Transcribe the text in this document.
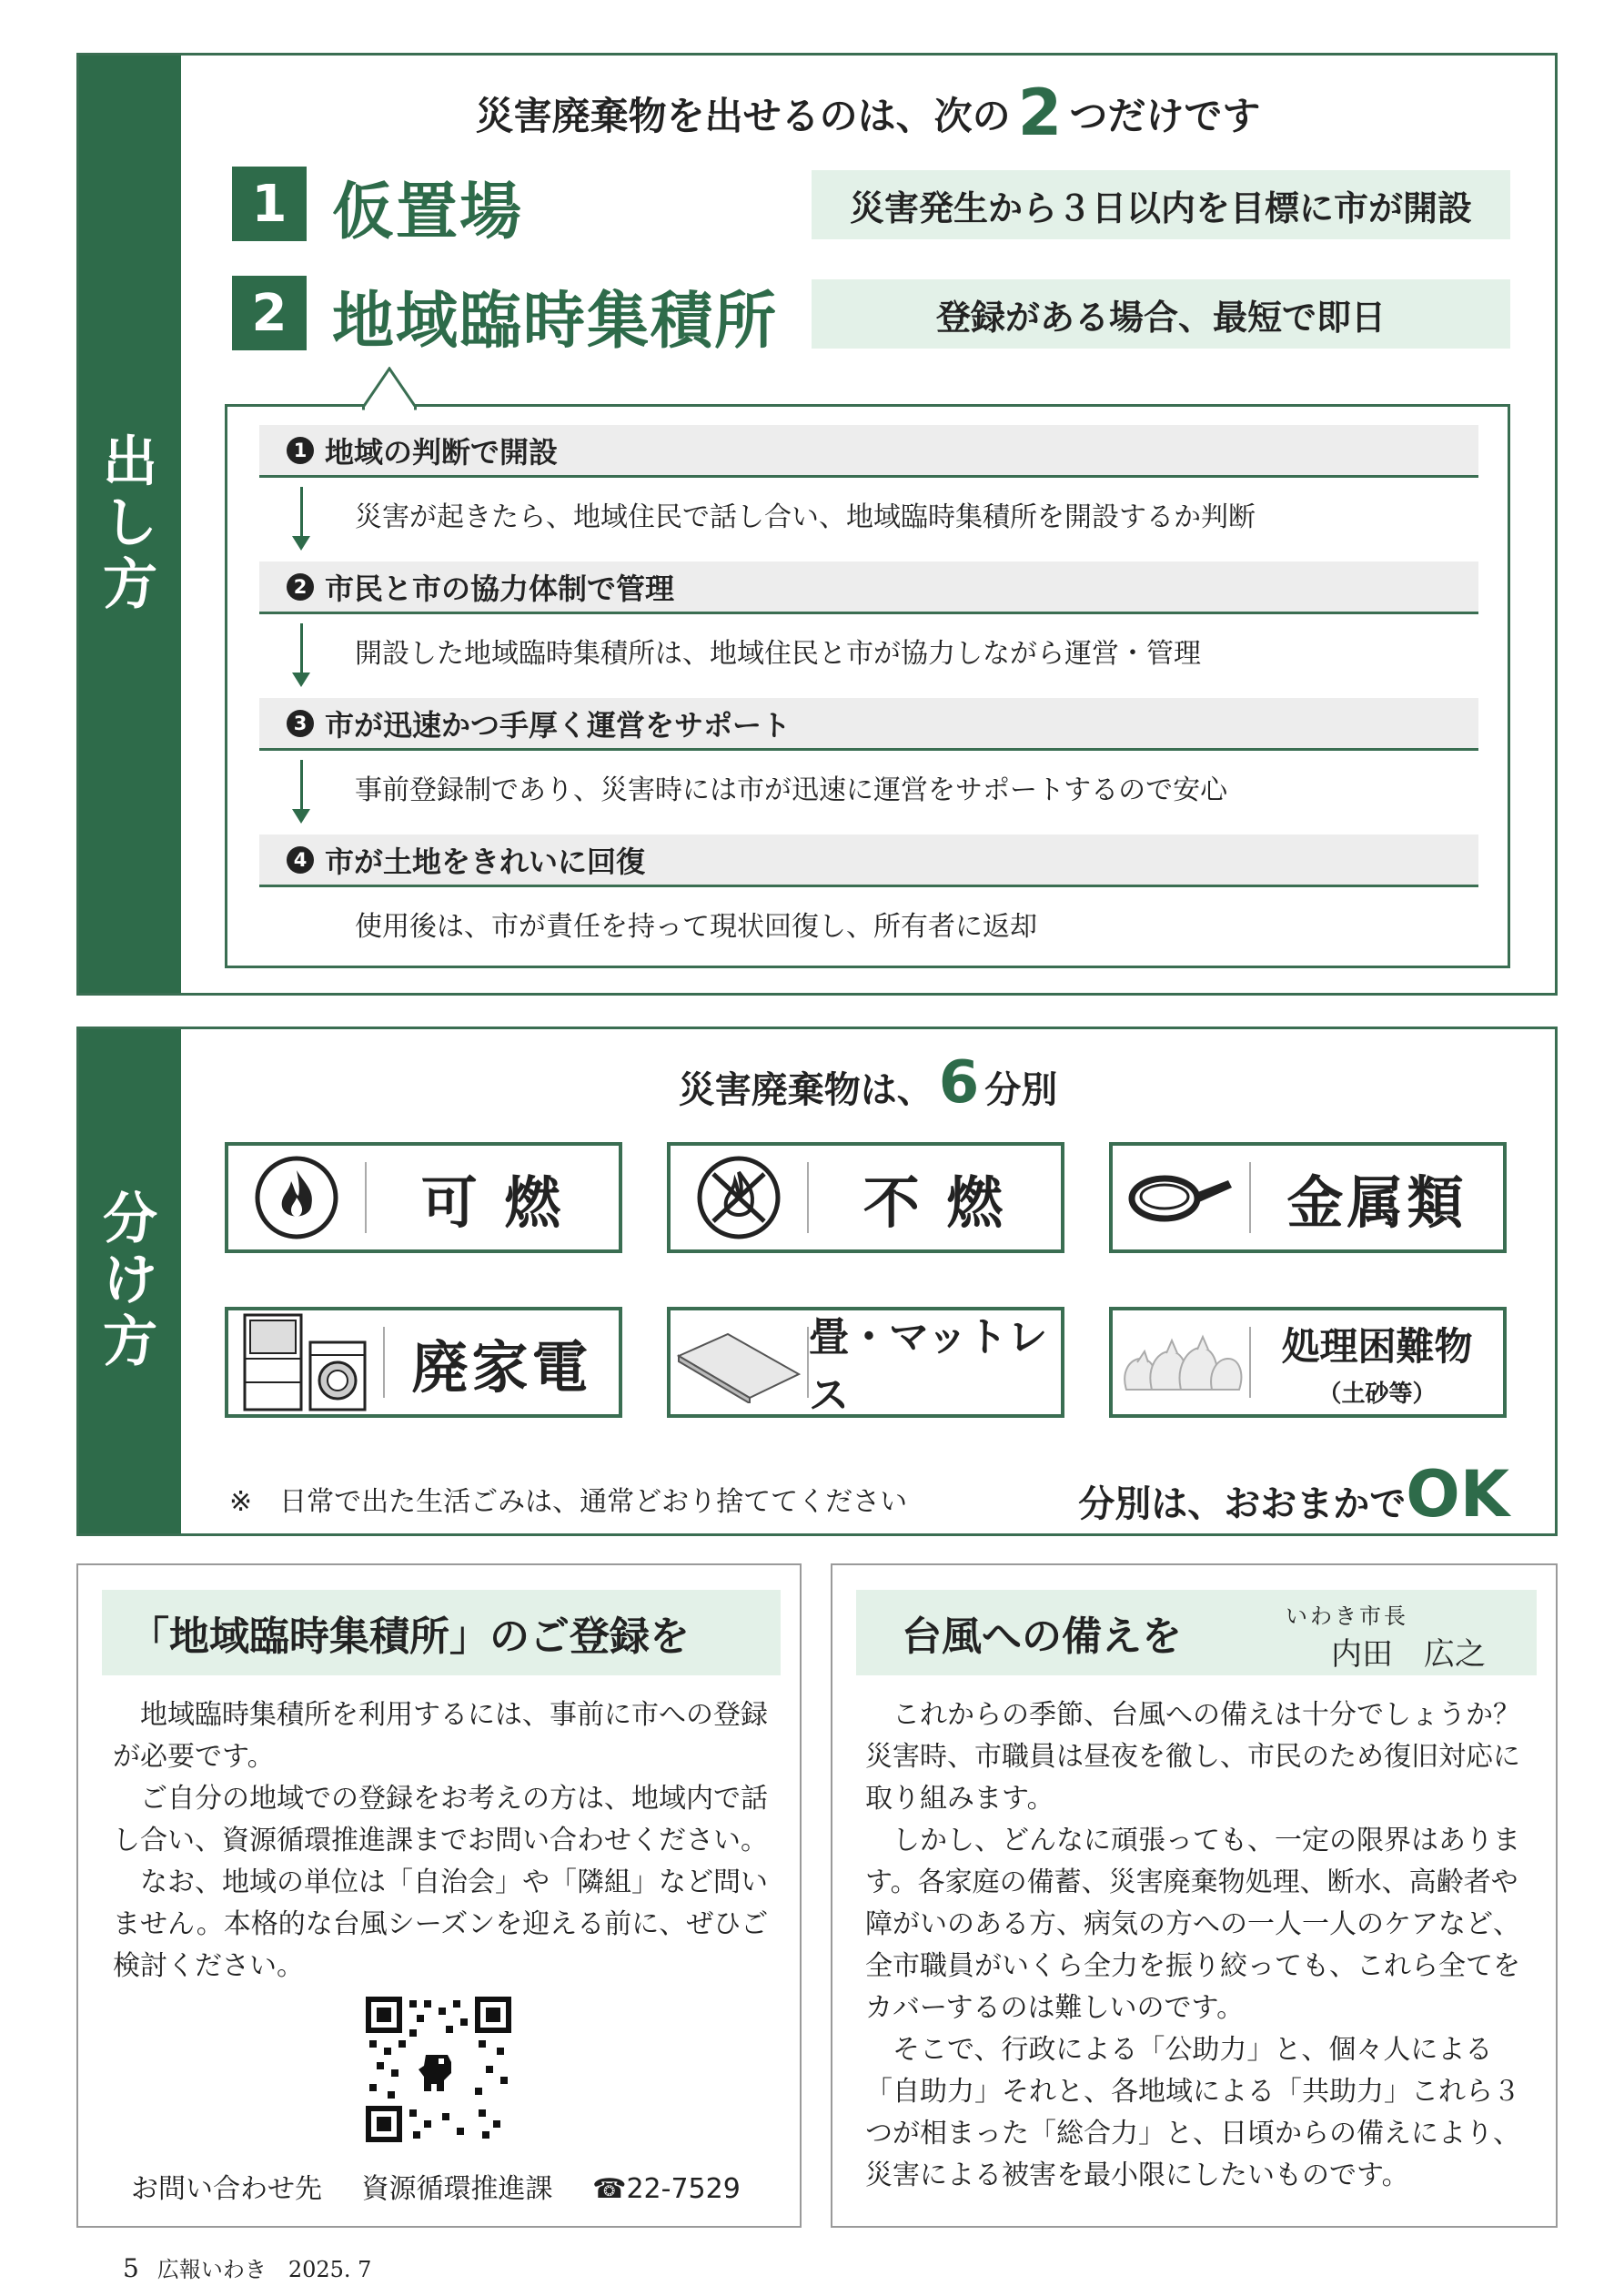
出
し
方
災害廃棄物を出せるのは、次の 2 つだけです
1 仮置場	災害発生から３日以内を目標に市が開設
2 地域臨時集積所	登録がある場合、最短で即日
1 地域の判断で開設
災害が起きたら、地域住民で話し合い、地域臨時集積所を開設するか判断
2 市民と市の協力体制で管理
開設した地域臨時集積所は、地域住民と市が協力しながら運営・管理
3 市が迅速かつ手厚く運営をサポート
事前登録制であり、災害時には市が迅速に運営をサポートするので安心
4 市が土地をきれいに回復
使用後は、市が責任を持って現状回復し、所有者に返却
分
け
方
災害廃棄物は、6 分別
可 燃	不 燃	金属類
廃家電	畳・マットレス
処理困難物
（土砂等）
※　日常で出た生活ごみは、通常どおり捨ててください	分別は、おおまかでOK
「地域臨時集積所」のご登録を

地域臨時集積所を利用するには、事前に市への登録が必要です。

ご自分の地域での登録をお考えの方は、地域内で話し合い、資源循環推進課までお問い合わせください。

なお、地域の単位は「自治会」や「隣組」など問いません。本格的な台風シーズンを迎える前に、ぜひご検討ください。

お問い合わせ先 資源循環推進課 ☎22-7529
台風への備えを	いわき市長
内田　広之

これからの季節、台風への備えは十分でしょうか？災害時、市職員は昼夜を徹し、市民のため復旧対応に取り組みます。

しかし、どんなに頑張っても、一定の限界はあります。各家庭の備蓄、災害廃棄物処理、断水、高齢者や障がいのある方、病気の方への一人一人のケアなど、全市職員がいくら全力を振り絞っても、これら全てをカバーするのは難しいのです。

そこで、行政による「公助力」と、個々人による「自助力」それと、各地域による「共助力」これら３つが相まった「総合力」と、日頃からの備えにより、災害による被害を最小限にしたいものです。

5 広報いわき　2025. 7
